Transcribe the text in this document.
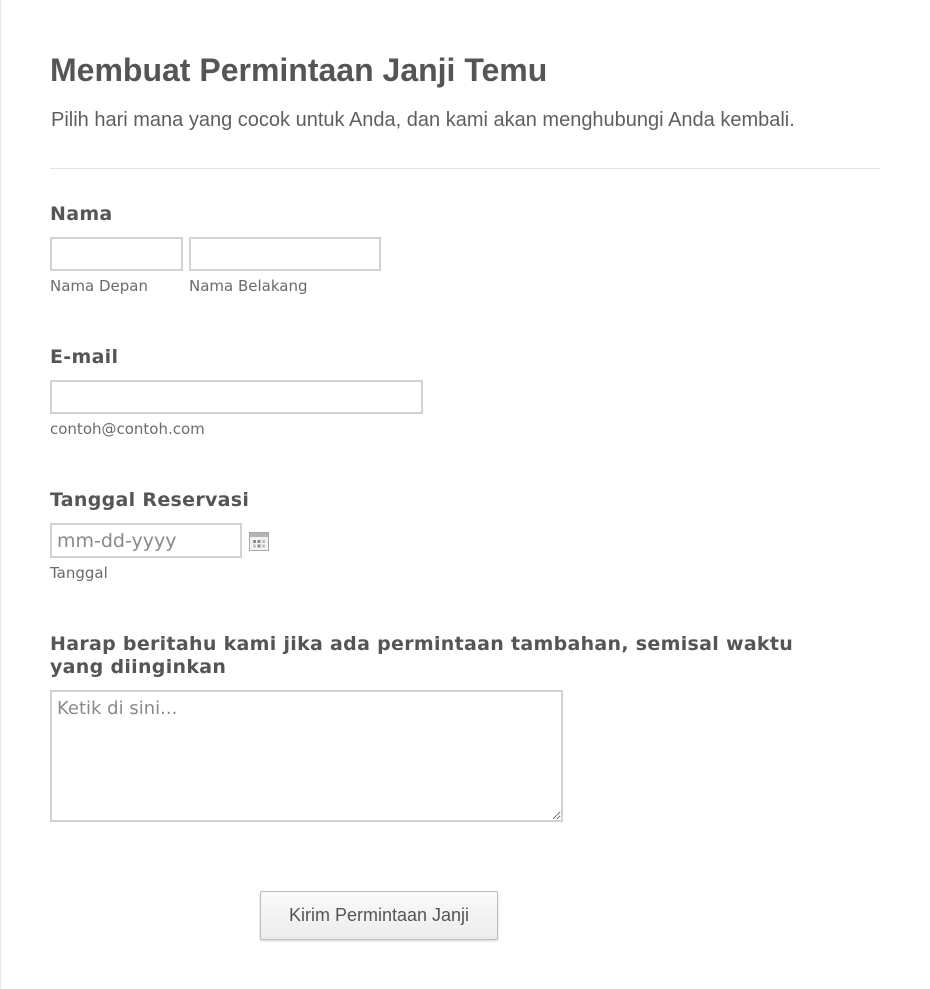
Membuat Permintaan Janji Temu

Pilih hari mana yang cocok untuk Anda, dan kami akan menghubungi Anda kembali.

Nama
Nama Depan	Nama Belakang
E-mail
contoh@contoh.com
Tanggal Reservasi
mm-dd-yyyy
Tanggal
Harap beritahu kami jika ada permintaan tambahan, semisal waktu yang diinginkan
Ketik di sini...
Kirim Permintaan Janji
